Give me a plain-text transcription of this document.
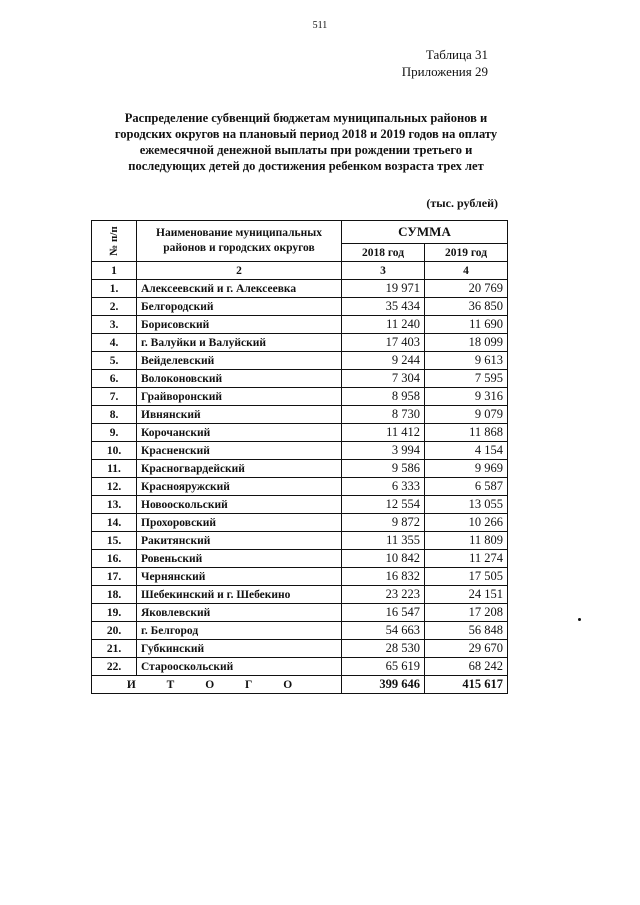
511
Таблица 31
Приложения 29
Распределение субвенций бюджетам муниципальных районов и городских округов на плановый период 2018 и 2019 годов на оплату ежемесячной денежной выплаты при рождении третьего и последующих детей до достижения ребенком возраста трех лет
(тыс. рублей)
№ п/п	Наименование муниципальных районов и городских округов	СУММА	
		2018 год	2019 год
1	2	3	4
1.	Алексеевский и г. Алексеевка	19 971	20 769
2.	Белгородский	35 434	36 850
3.	Борисовский	11 240	11 690
4.	г. Валуйки и Валуйский	17 403	18 099
5.	Вейделевский	9 244	9 613
6.	Волоконовский	7 304	7 595
7.	Грайворонский	8 958	9 316
8.	Ивнянский	8 730	9 079
9.	Корочанский	11 412	11 868
10.	Красненский	3 994	4 154
11.	Красногвардейский	9 586	9 969
12.	Краснояружский	6 333	6 587
13.	Новооскольский	12 554	13 055
14.	Прохоровский	9 872	10 266
15.	Ракитянский	11 355	11 809
16.	Ровеньский	10 842	11 274
17.	Чернянский	16 832	17 505
18.	Шебекинский и г. Шебекино	23 223	24 151
19.	Яковлевский	16 547	17 208
20.	г. Белгород	54 663	56 848
21.	Губкинский	28 530	29 670
22.	Старооскольский	65 619	68 242
И Т О Г О		399 646	415 617
